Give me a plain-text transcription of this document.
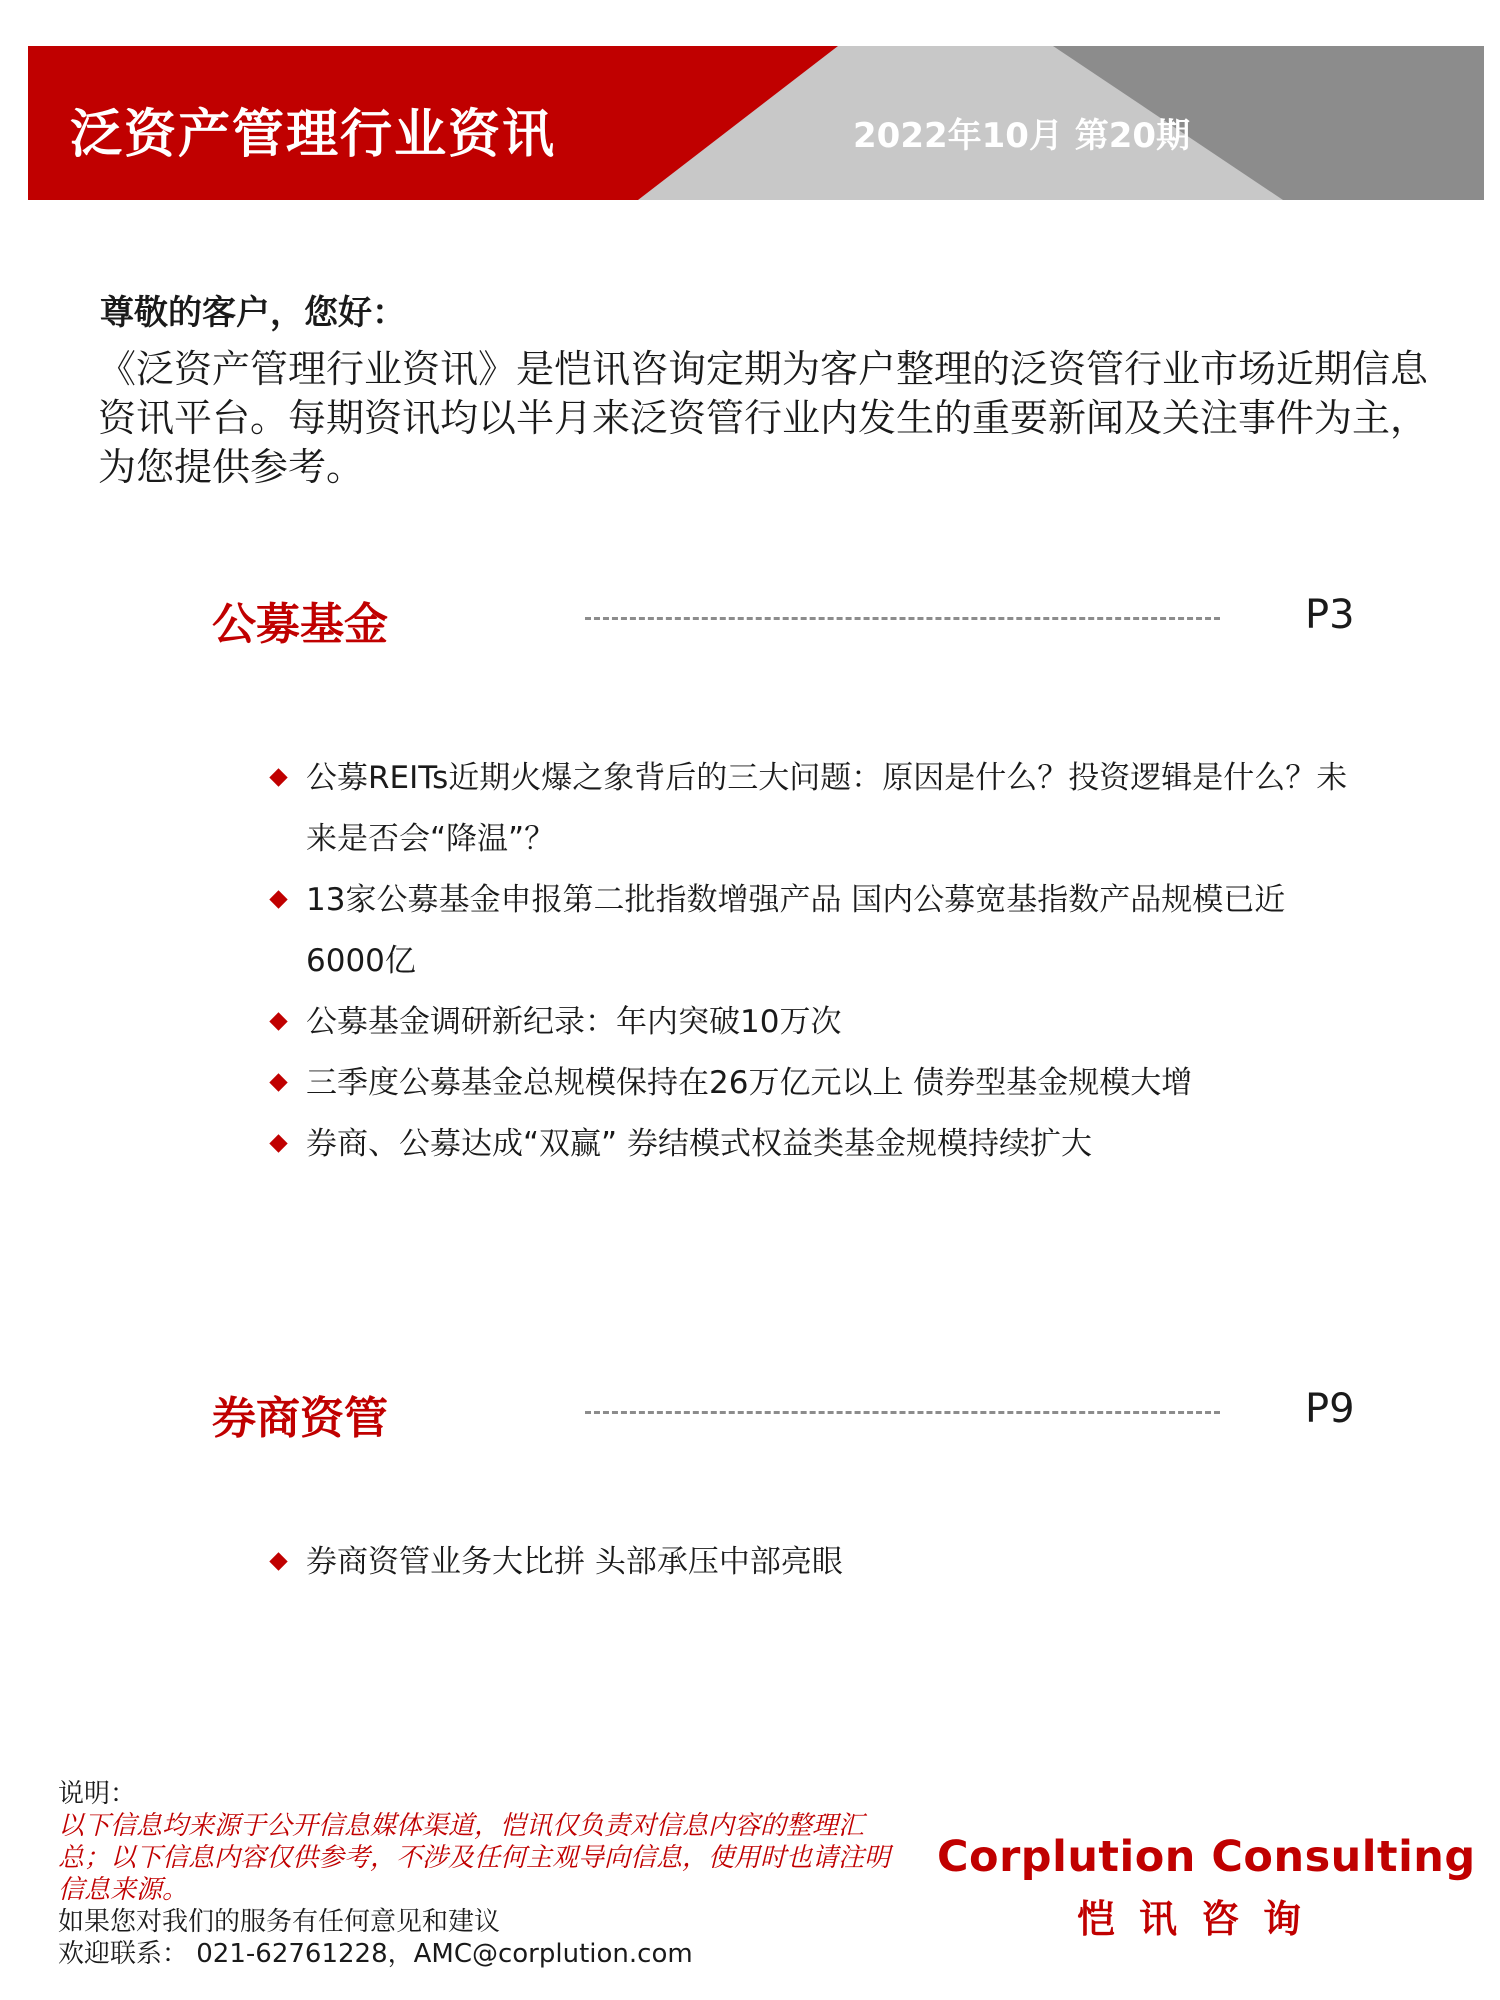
泛资产管理行业资讯	2022年10月 第20期

尊敬的客户，您好：

《泛资产管理行业资讯》是恺讯咨询定期为客户整理的泛资管行业市场近期信息资讯平台。每期资讯均以半月来泛资管行业内发生的重要新闻及关注事件为主，为您提供参考。

公募基金	P3
公募REITs近期火爆之象背后的三大问题：原因是什么？投资逻辑是什么？未来是否会“降温”？
13家公募基金申报第二批指数增强产品 国内公募宽基指数产品规模已近6000亿
公募基金调研新纪录：年内突破10万次
三季度公募基金总规模保持在26万亿元以上 债券型基金规模大增
券商、公募达成“双赢” 券结模式权益类基金规模持续扩大
券商资管	P9
券商资管业务大比拼 头部承压中部亮眼

说明：

以下信息均来源于公开信息媒体渠道，恺讯仅负责对信息内容的整理汇总；以下信息内容仅供参考，不涉及任何主观导向信息，使用时也请注明信息来源。

如果您对我们的服务有任何意见和建议

欢迎联系： 021-62761228，AMC@corplution.com

Corplution Consulting
恺讯咨询
